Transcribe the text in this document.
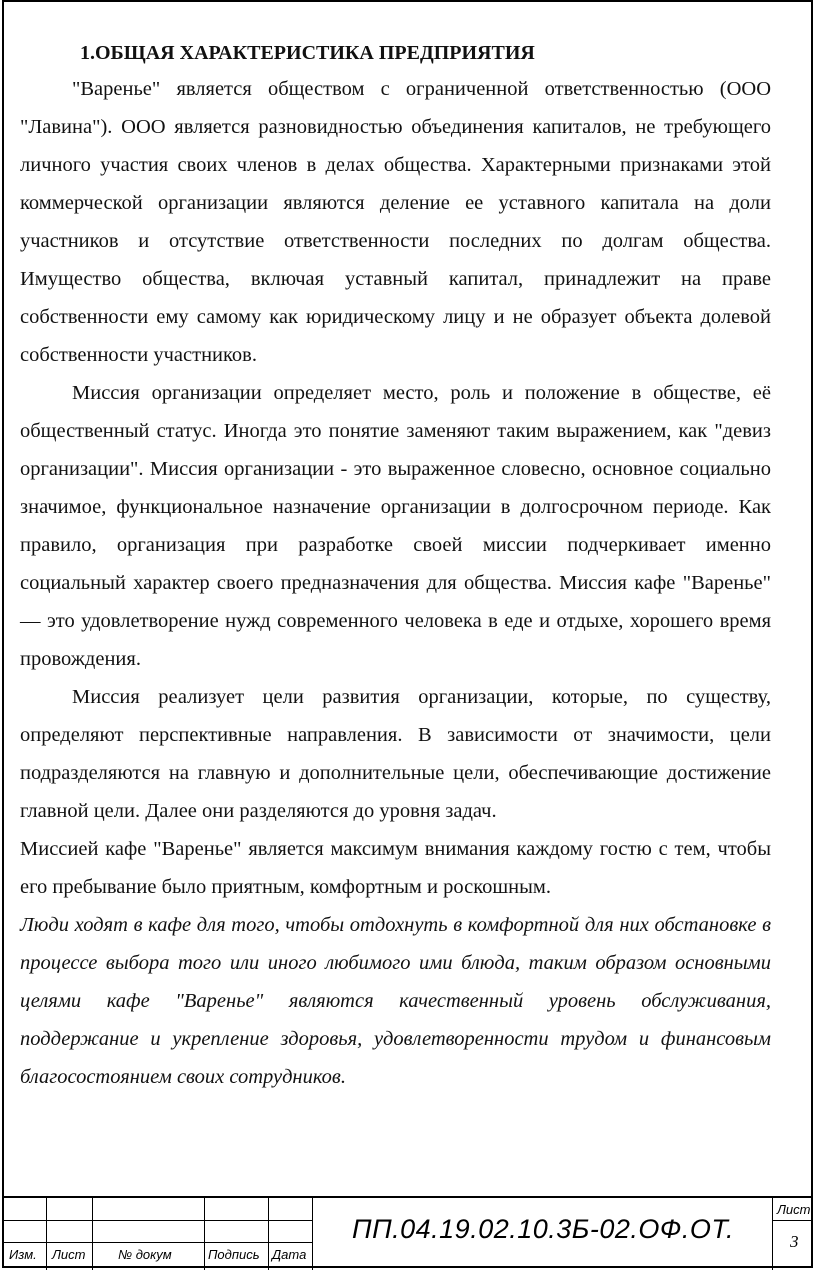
1.ОБЩАЯ ХАРАКТЕРИСТИКА ПРЕДПРИЯТИЯ

"Варенье" является обществом с ограниченной ответственностью (ООО "Лавина"). ООО является разновидностью объединения капиталов, не требующего личного участия своих членов в делах общества. Характерными признаками этой коммерческой организации являются деление ее уставного капитала на доли участников и отсутствие ответственности последних по долгам общества. Имущество общества, включая уставный капитал, принадлежит на праве собственности ему самому как юридическому лицу и не образует объекта долевой собственности участников.

Миссия организации определяет место, роль и положение в обществе, её общественный статус. Иногда это понятие заменяют таким выражением, как "девиз организации". Миссия организации - это выраженное словесно, основное социально значимое, функциональное назначение организации в долгосрочном периоде. Как правило, организация при разработке своей миссии подчеркивает именно социальный характер своего предназначения для общества. Миссия кафе "Варенье" — это удовлетворение нужд современного человека в еде и отдыхе, хорошего время провождения.

Миссия реализует цели развития организации, которые, по существу, определяют перспективные направления. В зависимости от значимости, цели подразделяются на главную и дополнительные цели, обеспечивающие достижение главной цели. Далее они разделяются до уровня задач.

Миссией кафе "Варенье" является максимум внимания каждому гостю с тем, чтобы его пребывание было приятным, комфортным и роскошным.

Люди ходят в кафе для того, чтобы отдохнуть в комфортной для них обстановке в процессе выбора того или иного любимого ими блюда, таким образом основными целями кафе "Варенье" являются качественный уровень обслуживания, поддержание и укрепление здоровья, удовлетворенности трудом и финансовым благосостоянием своих сотрудников.

Изм. Лист	№ докум	Подпись Дата
ПП.04.19.02.10.3Б-02.ОФ.ОТ.
Лист
3
